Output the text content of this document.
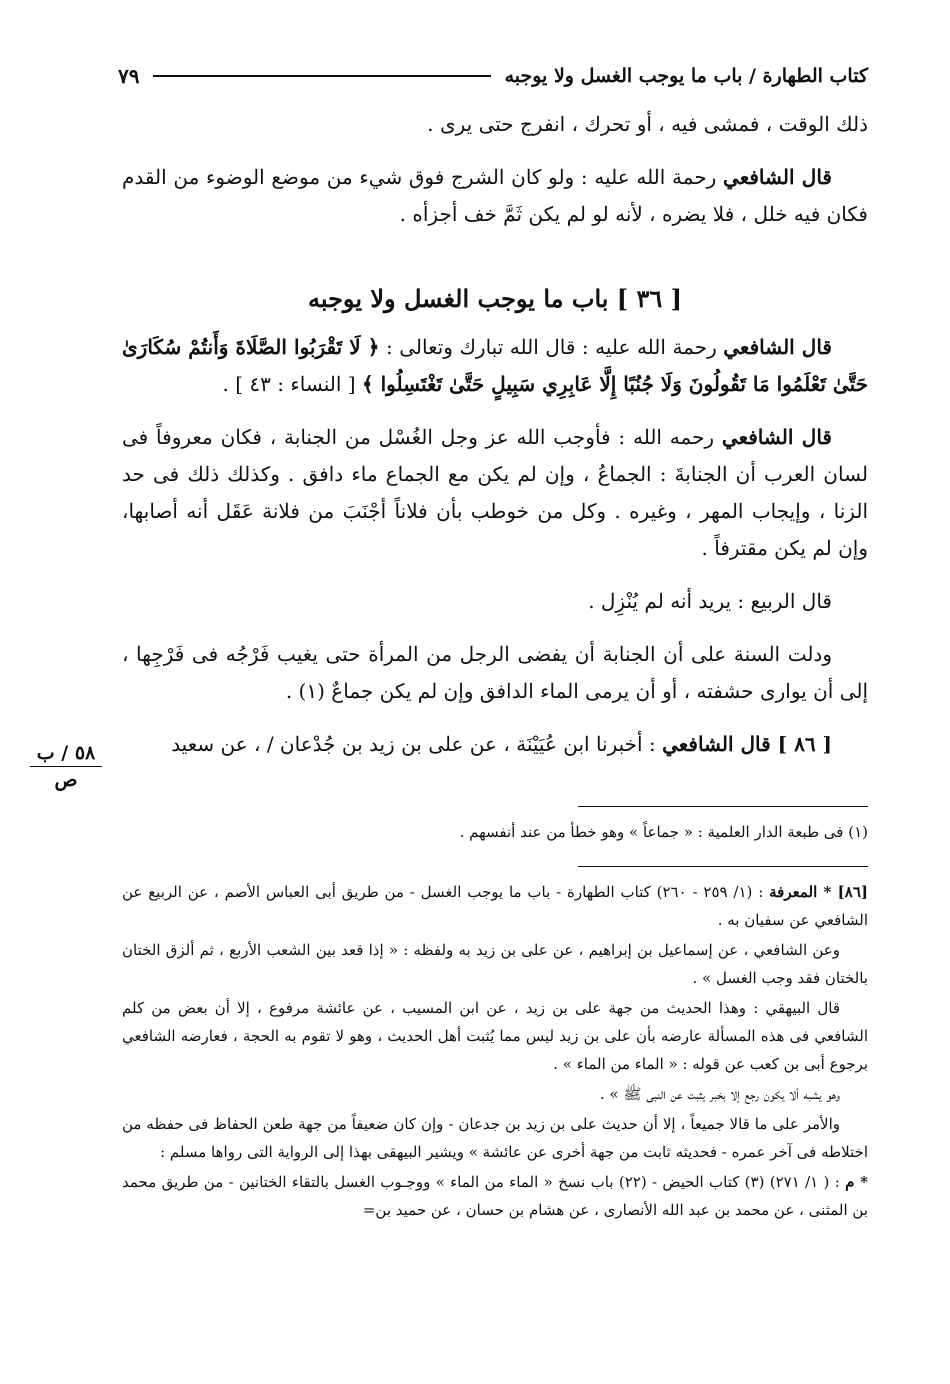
كتاب الطهارة / باب ما يوجب الغسل ولا يوجبه
٧٩

ذلك الوقت ، فمشى فيه ، أو تحرك ، انفرج حتى يرى .

قال الشافعي رحمة الله عليه : ولو كان الشرج فوق شيء من موضع الوضوء من القدم فكان فيه خلل ، فلا يضره ، لأنه لو لم يكن ثَمَّ خف أجزأه .

[ ٣٦ ] باب ما يوجب الغسل ولا يوجبه

قال الشافعي رحمة الله عليه : قال الله تبارك وتعالى : ﴿ لَا تَقْرَبُوا الصَّلَاةَ وَأَنتُمْ سُكَارَىٰ حَتَّىٰ تَعْلَمُوا مَا تَقُولُونَ وَلَا جُنُبًا إِلَّا عَابِرِي سَبِيلٍ حَتَّىٰ تَغْتَسِلُوا ﴾ [ النساء : ٤٣ ] .

قال الشافعي رحمه الله : فأوجب الله عز وجل الغُسْل من الجنابة ، فكان معروفاً فى لسان العرب أن الجنابةَ : الجماعُ ، وإن لم يكن مع الجماع ماء دافق . وكذلك ذلك فى حد الزنا ، وإيجاب المهر ، وغيره . وكل من خوطب بأن فلاناً أجْنَبَ من فلانة عَقَل أنه أصابها، وإن لم يكن مقترفاً .

قال الربيع : يريد أنه لم يُنْزِل .

ودلت السنة على أن الجنابة أن يفضى الرجل من المرأة حتى يغيب فَرْجُه فى فَرْجِها ، إلى أن يوارى حشفته ، أو أن يرمى الماء الدافق وإن لم يكن جماعٌ (١) .

[ ٨٦ ] قال الشافعي : أخبرنا ابن عُيَيْنَة ، عن على بن زيد بن جُدْعان / ، عن سعيد

٥٨ / ب
ص
(١) فى طبعة الدار العلمية : « جماعاً » وهو خطأ من عند أنفسهم .

[٨٦] * المعرفة : (١/ ٢٥٩ - ٢٦٠) كتاب الطهارة - باب ما يوجب الغسل - من طريق أبى العباس الأصم ، عن الربيع عن الشافعي عن سفيان به .

وعن الشافعي ، عن إسماعيل بن إبراهيم ، عن على بن زيد به ولفظه : « إذا قعد بين الشعب الأربع ، ثم ألزق الختان بالختان فقد وجب الغسل » .

قال البيهقي : وهذا الحديث من جهة على بن زيد ، عن ابن المسيب ، عن عائشة مرفوع ، إلا أن بعض من كلم الشافعي فى هذه المسألة عارضه بأن على بن زيد ليس مما يُثبت أهل الحديث ، وهو لا تقوم به الحجة ، فعارضه الشافعي برجوع أبى بن كعب عن قوله : « الماء من الماء » .

وهو يشبه ألا يكون رجع إلا بخبر يثبت عن النبى ﷺ » .

والأمر على ما قالا جميعاً ، إلا أن حديث على بن زيد بن جدعان - وإن كان ضعيفاً من جهة طعن الحفاظ فى حفظه من اختلاطه فى آخر عمره - فحديثه ثابت من جهة أخرى عن عائشة » ويشير البيهقى بهذا إلى الرواية التى رواها مسلم :

* م : ( ١/ ٢٧١) (٣) كتاب الحيض - (٢٢) باب نسخ « الماء من الماء » ووجـوب الغسل بالتقاء الختانين - من طريق محمد بن المثنى ، عن محمد بن عبد الله الأنصارى ، عن هشام بن حسان ، عن حميد بن=
